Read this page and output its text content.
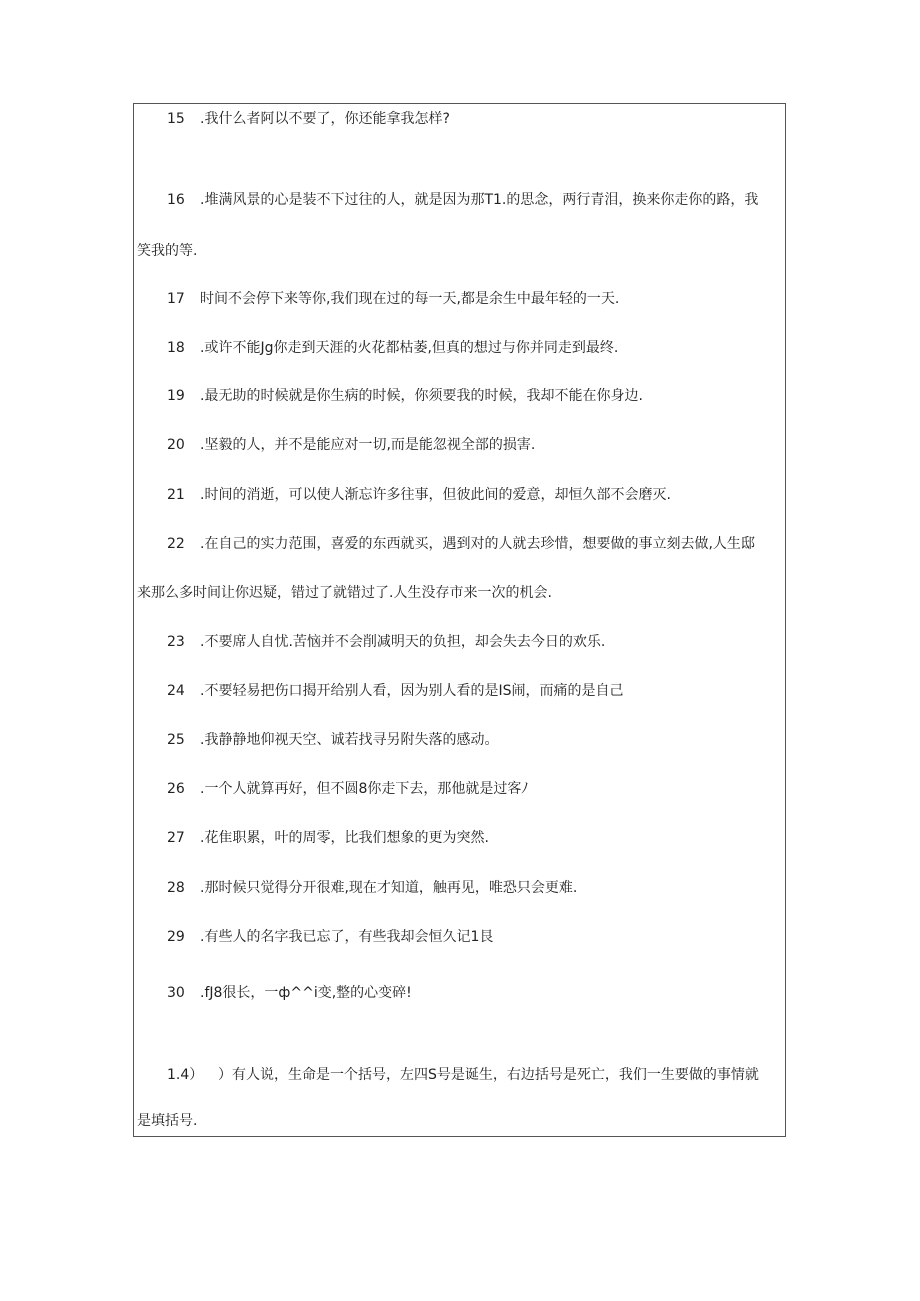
15	.我什么者阿以不要了，你还能拿我怎样?
16	.堆满风景的心是装不下过往的人，就是因为那T1.的思念，两行青泪，换来你走你的路，我
笑我的等.
17	时间不会停下来等你,我们现在过的每一天,都是余生中最年轻的一天.
18	.或许不能Jg你走到天涯的火花都枯萎,但真的想过与你并同走到最终.
19	.最无助的时候就是你生病的时候，你须要我的时候，我却不能在你身边.
20	.坚毅的人，并不是能应对一切,而是能忽视全部的损害.
21	.时间的消逝，可以使人渐忘许多往事，但彼此间的爱意，却恒久部不会磨灭.
22	.在自己的实力范围，喜爱的东西就买，遇到对的人就去珍惜，想要做的事立刻去做,人生邸
来那么多时间让你迟疑，错过了就错过了.人生没存市来一次的机会.
23	.不要席人自忧.苦恼并不会削减明天的负担，却会失去今日的欢乐.
24	.不要轻易把伤口揭开给别人看，因为别人看的是IS闹，而痛的是自己
25	.我静静地仰视天空、诚若找寻另附失落的感动。
26	.一个人就算再好，但不圆8你走下去，那他就是过客ﾉ
27	.花隹职累，叶的周零，比我们想象的更为突然.
28	.那时候只觉得分开很难,现在才知道，触再见，唯恐只会更难.
29	.有些人的名字我已忘了，有些我却会恒久记1艮
30	.fJ8很长，一ф^^i变,整的心变碎!
1.4）	）有人说，生命是一个括号，左四S号是诞生，右边括号是死亡，我们一生要做的事情就
是填括号.
